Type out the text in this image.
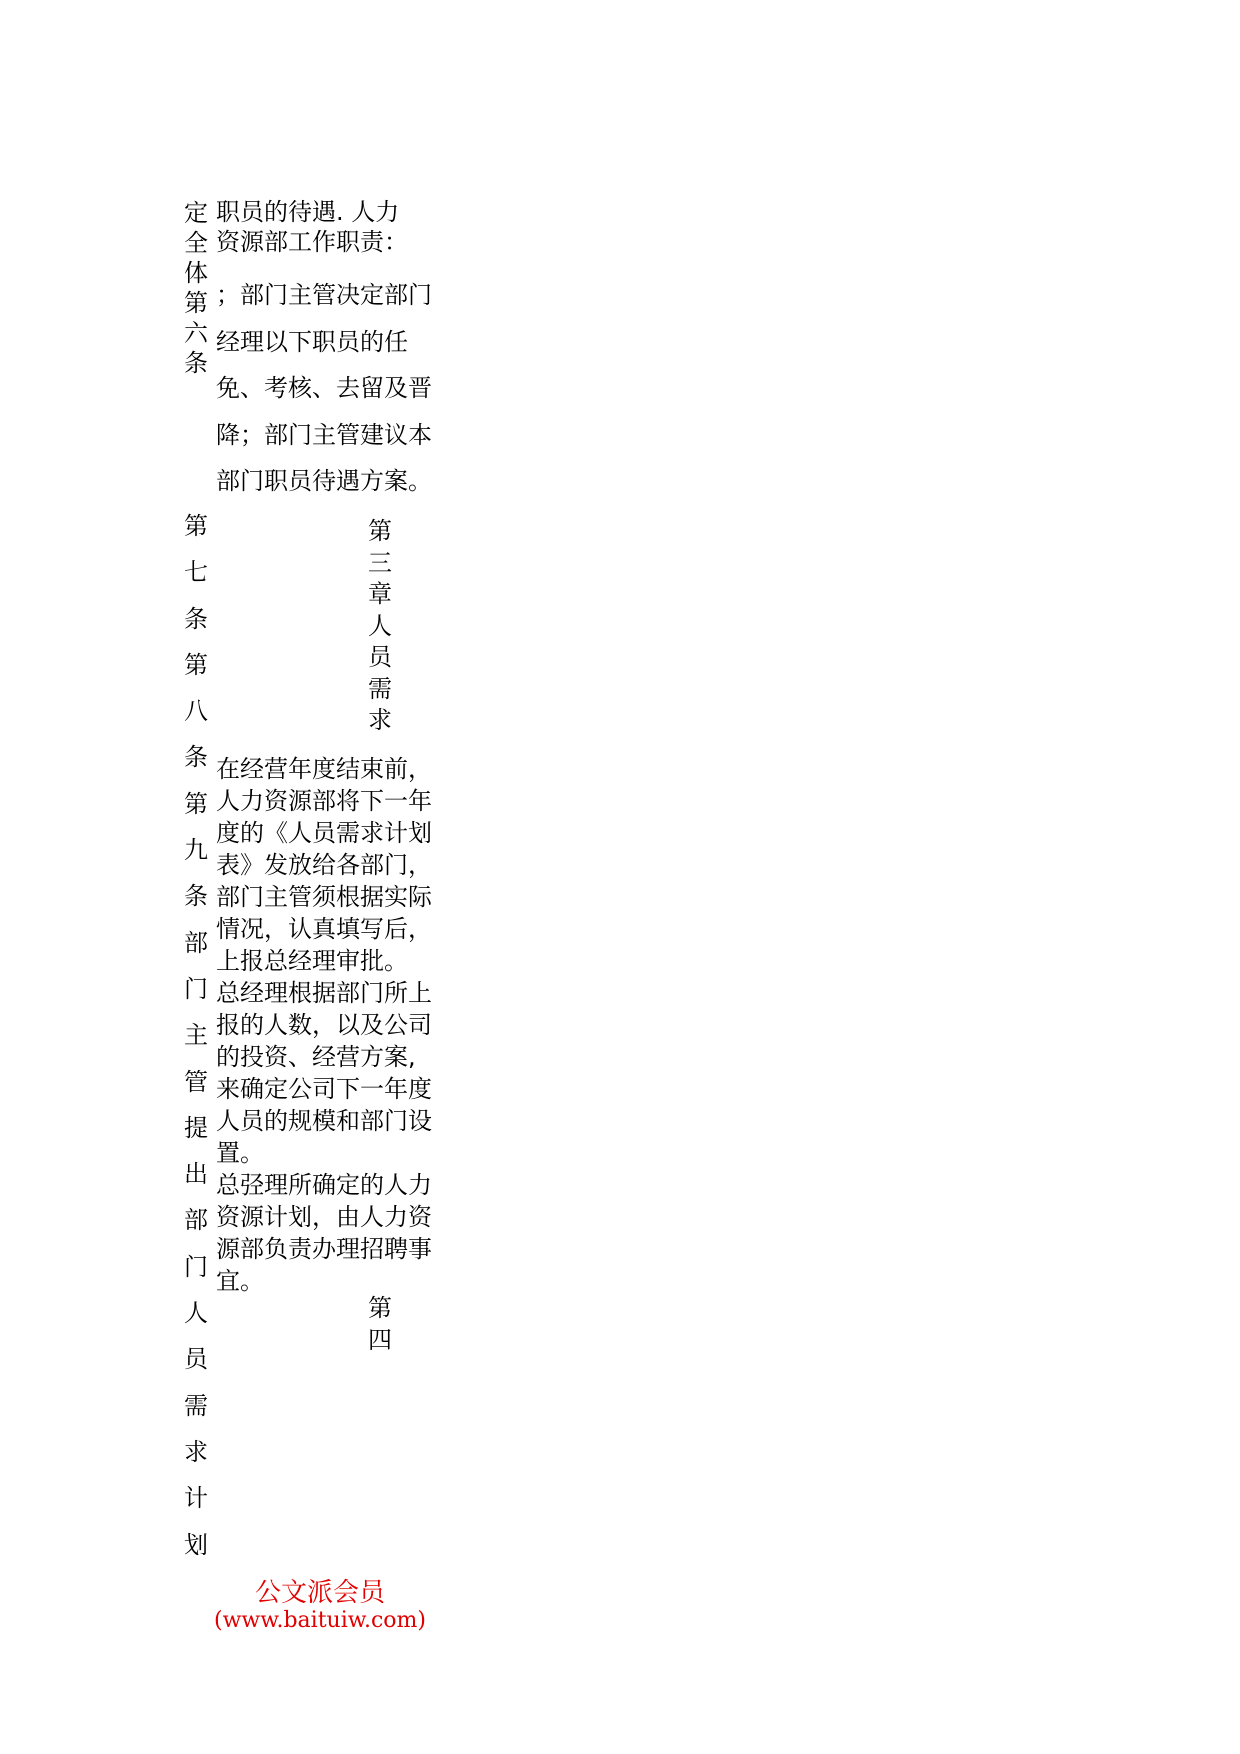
定
全
体
第
六
条
第
七
条
第
八
条
第
九
条
部
门
主
管
提
出
部
门
人
员
需
求
计
划
职员的待遇. 人力
资源部工作职责：
；部门主管决定部门
经理以下职员的任
免、考核、去留及晋
降；部门主管建议本
部门职员待遇方案。
第
三
章
人
员
需
求
在经营年度结束前，
人力资源部将下一年
度的《人员需求计划
表》发放给各部门，
部门主管须根据实际
情况，认真填写后，
上报总经理审批。
总经理根据部门所上
报的人数，以及公司
的投资、经营方案,
来确定公司下一年度
人员的规模和部门设
置。
总弪理所确定的人力
资源计划，由人力资
源部负责办理招聘事
宜。
第
四
公文派会员
(www.baituiw.com)
